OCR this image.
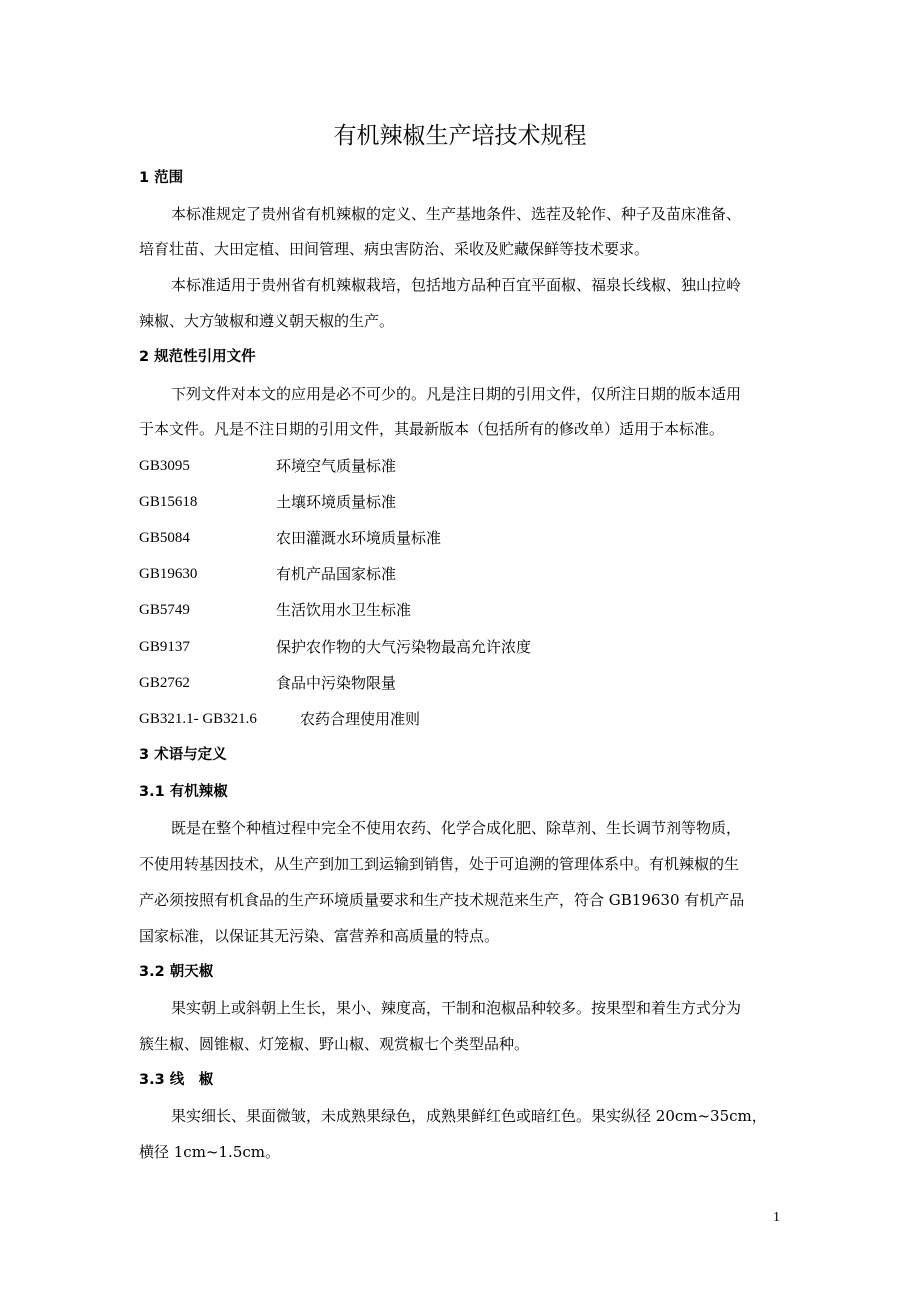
有机辣椒生产培技术规程
1 范围
本标准规定了贵州省有机辣椒的定义、生产基地条件、选茬及轮作、种子及苗床准备、
培育壮苗、大田定植、田间管理、病虫害防治、采收及贮藏保鲜等技术要求。
本标准适用于贵州省有机辣椒栽培，包括地方品种百宜平面椒、福泉长线椒、独山拉岭
辣椒、大方皱椒和遵义朝天椒的生产。
2 规范性引用文件
下列文件对本文的应用是必不可少的。凡是注日期的引用文件，仅所注日期的版本适用
于本文件。凡是不注日期的引用文件，其最新版本（包括所有的修改单）适用于本标准。
GB3095	环境空气质量标准
GB15618	土壤环境质量标准
GB5084	农田灌溉水环境质量标准
GB19630	有机产品国家标准
GB5749	生活饮用水卫生标准
GB9137	保护农作物的大气污染物最高允许浓度
GB2762	食品中污染物限量
GB321.1- GB321.6	农药合理使用准则
3 术语与定义
3.1 有机辣椒
既是在整个种植过程中完全不使用农药、化学合成化肥、除草剂、生长调节剂等物质，
不使用转基因技术，从生产到加工到运输到销售，处于可追溯的管理体系中。有机辣椒的生
产必须按照有机食品的生产环境质量要求和生产技术规范来生产，符合 GB19630 有机产品
国家标准，以保证其无污染、富营养和高质量的特点。
3.2 朝天椒
果实朝上或斜朝上生长，果小、辣度高，干制和泡椒品种较多。按果型和着生方式分为
簇生椒、圆锥椒、灯笼椒、野山椒、观赏椒七个类型品种。
3.3 线　椒
果实细长、果面微皱，未成熟果绿色，成熟果鲜红色或暗红色。果实纵径 20cm~35cm，
横径 1cm~1.5cm。
1
